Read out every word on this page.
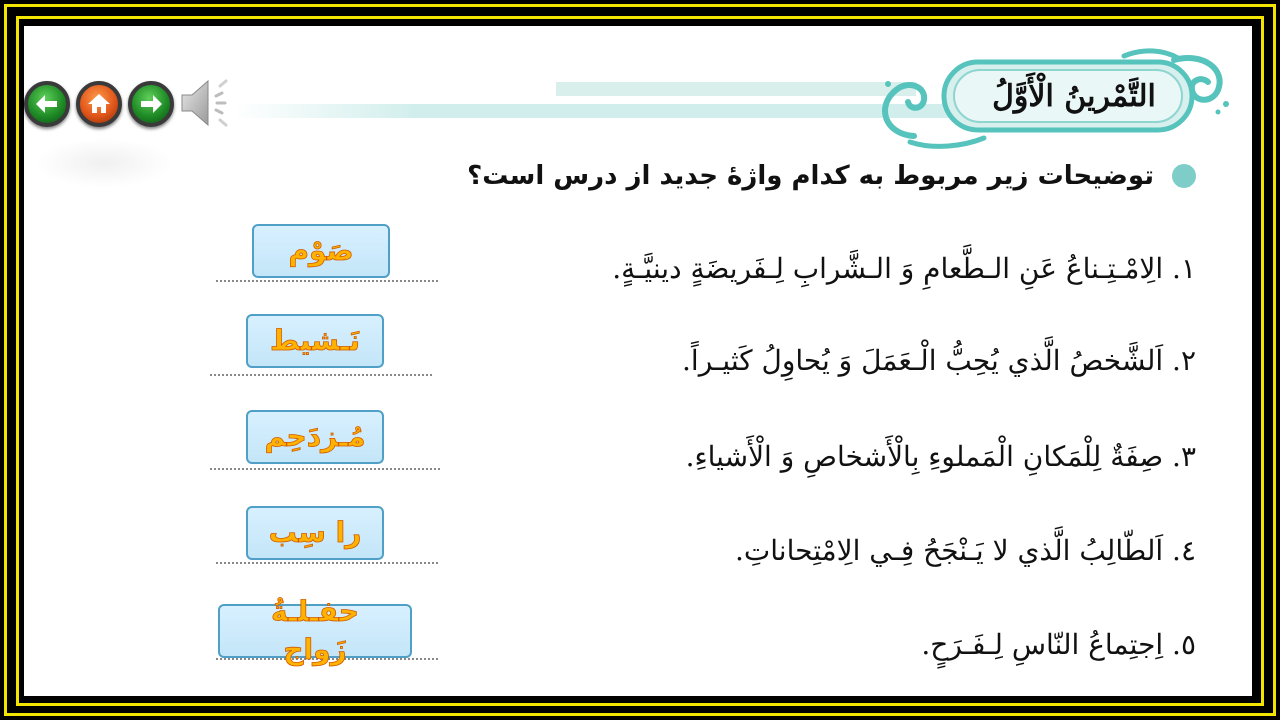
التَّمْرينُ الْأَوَّلُ
توضیحات زیر مربوط به کدام واژهٔ جدید از درس است؟
١. الِامْـتِـناعُ عَنِ الـطَّعامِ وَ الـشَّرابِ لِـفَريضَةٍ دينيَّـةٍ.
٢. اَلشَّخصُ الَّذي يُحِبُّ الْـعَمَلَ وَ يُحاوِلُ كَثيـراً.
٣. صِفَةٌ لِلْمَكانِ الْمَملوءِ بِالْأَشخاصِ وَ الْأَشياءِ.
٤. اَلطّالِبُ الَّذي لا يَـنْجَحُ فِـي الِامْتِحاناتِ.
٥. اِجتِماعُ النّاسِ لِـفَـرَحٍ.
صَوْم
نَـشيط
مُـزدَحِم
را سِب
حفـلـةُ زَواج
